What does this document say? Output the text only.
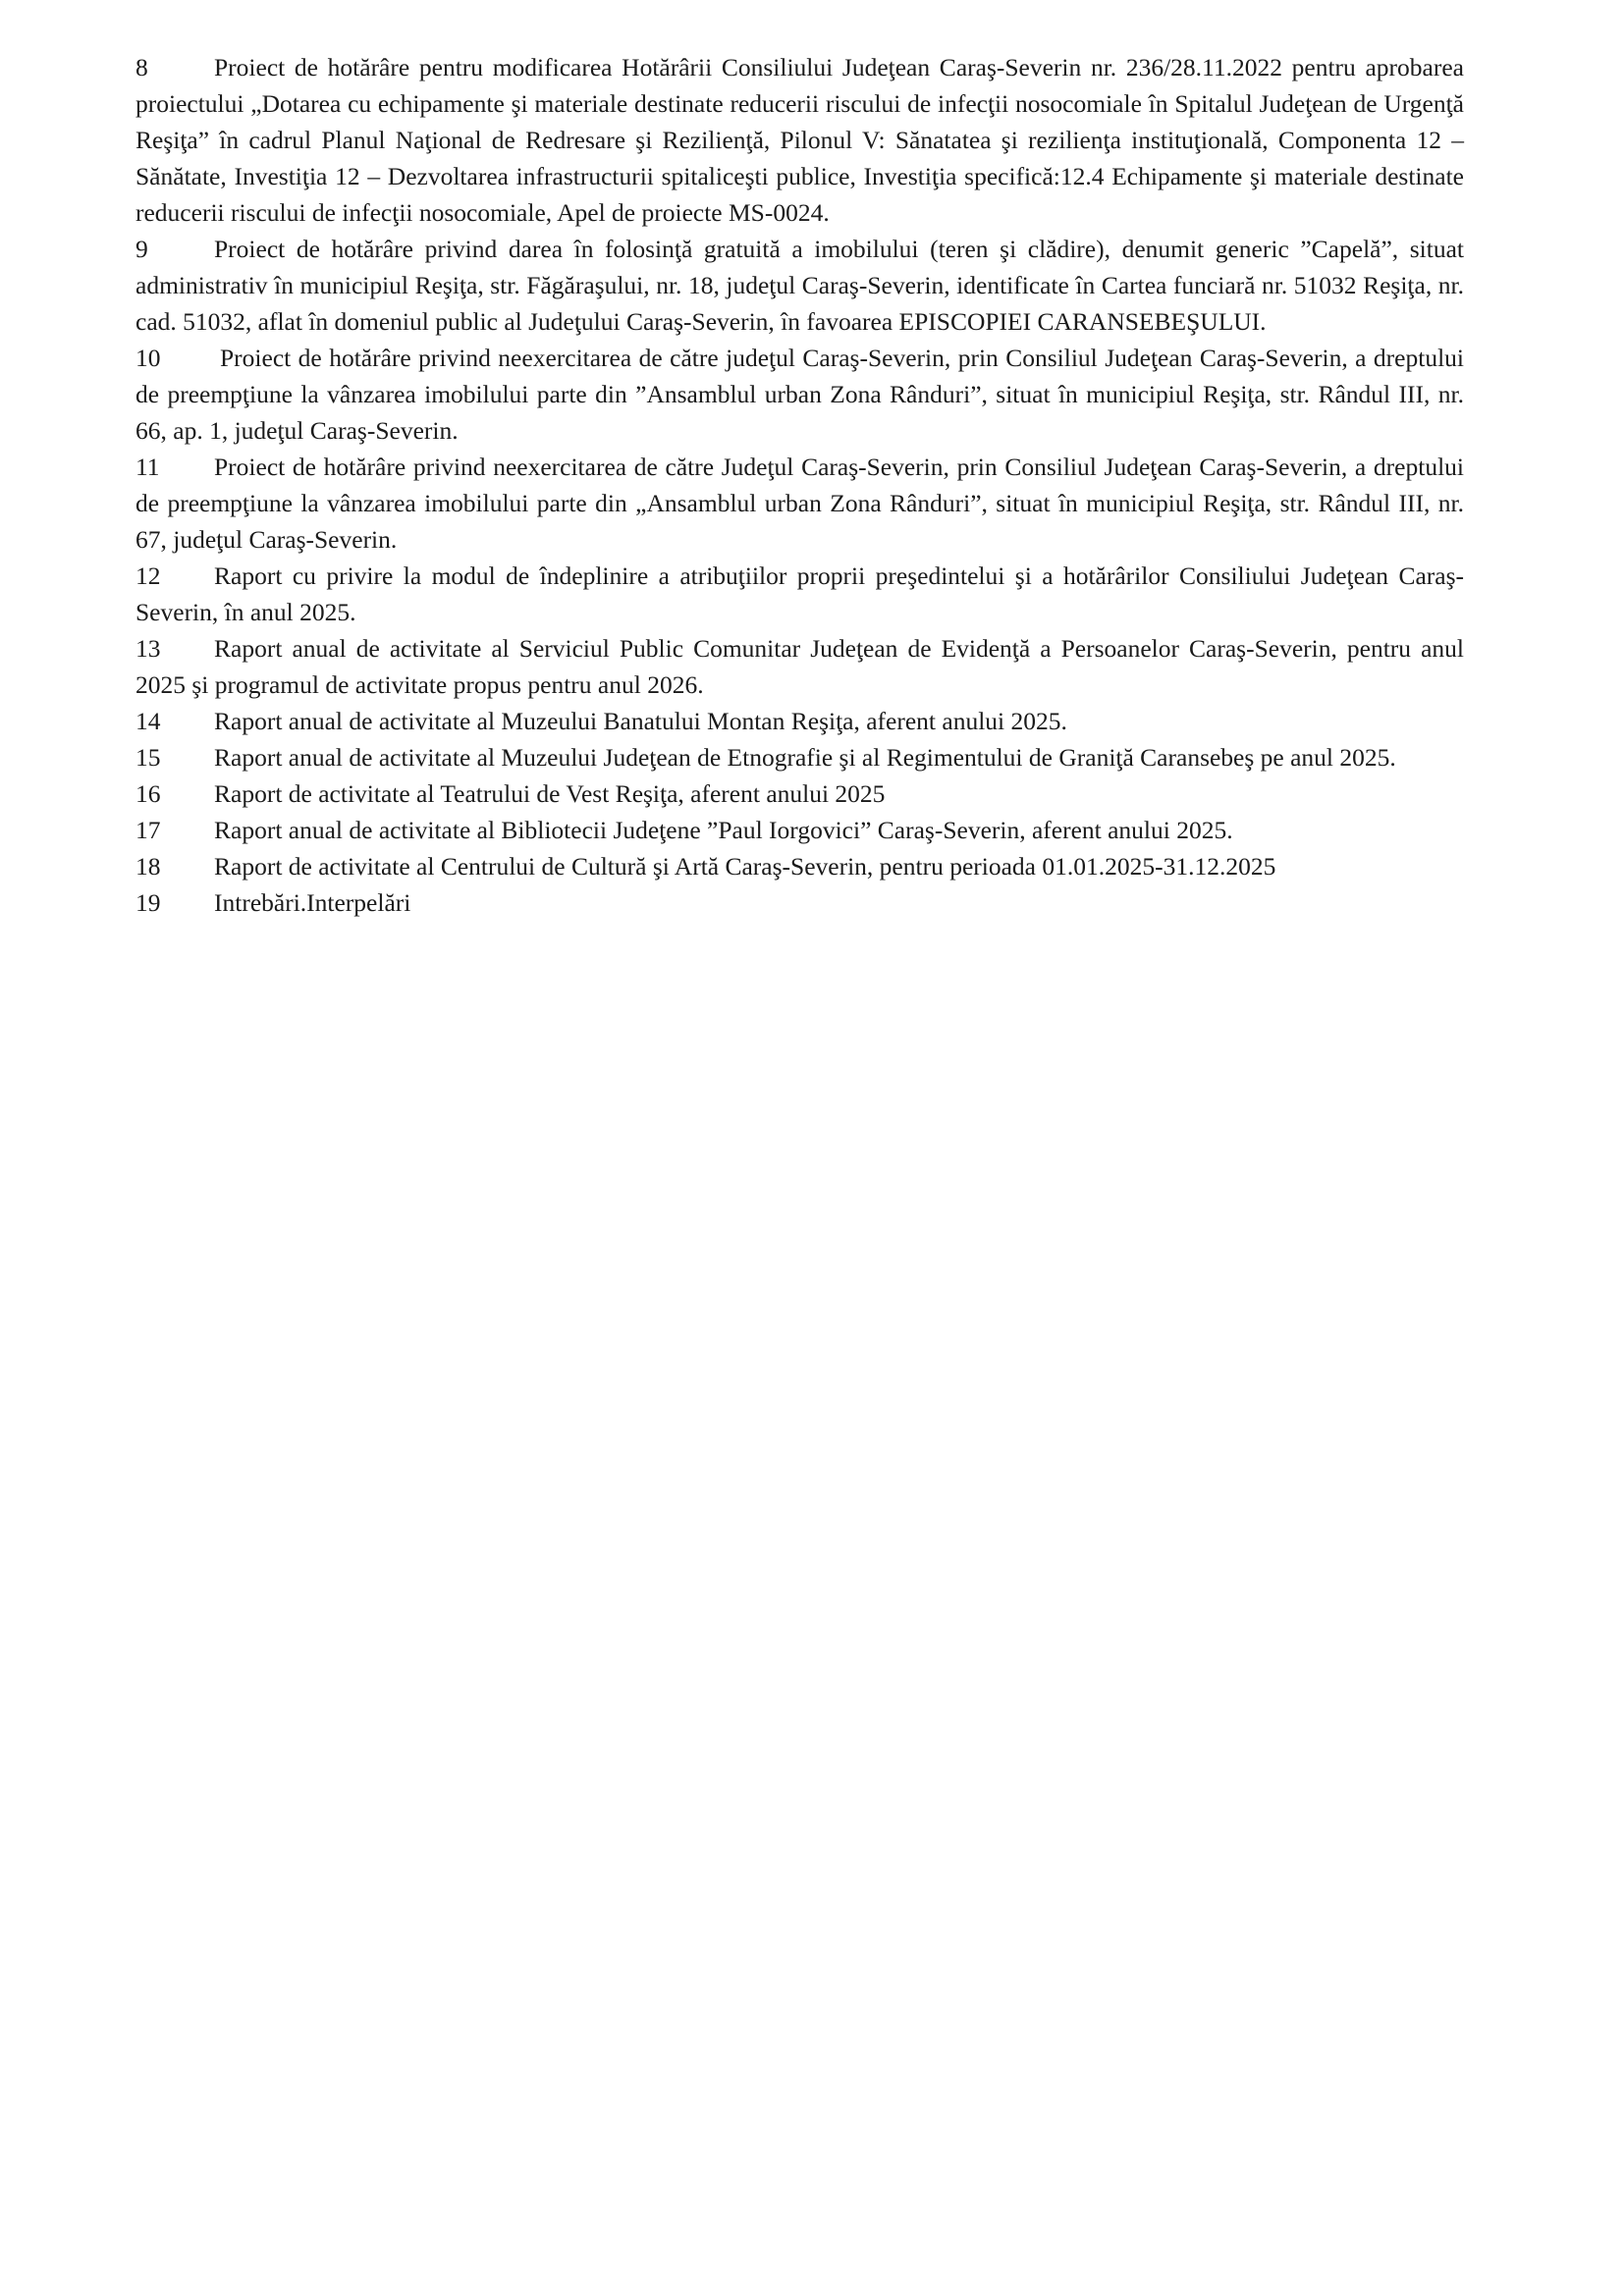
8	Proiect de hotărâre pentru modificarea Hotărârii Consiliului Judeţean Caraş-Severin nr. 236/28.11.2022 pentru aprobarea proiectului „Dotarea cu echipamente şi materiale destinate reducerii riscului de infecţii nosocomiale în Spitalul Judeţean de Urgenţă Reşiţa” în cadrul Planul Naţional de Redresare şi Rezilienţă, Pilonul V: Sănatatea şi rezilienţa instituţională, Componenta 12 – Sănătate, Investiţia 12 – Dezvoltarea infrastructurii spitaliceşti publice, Investiţia specifică:12.4 Echipamente şi materiale destinate reducerii riscului de infecţii nosocomiale, Apel de proiecte MS-0024.

9	Proiect de hotărâre privind darea în folosinţă gratuită a imobilului (teren şi clădire), denumit generic ”Capelă”, situat administrativ în municipiul Reşiţa, str. Făgăraşului, nr. 18, judeţul Caraş-Severin, identificate în Cartea funciară nr. 51032 Reşiţa, nr. cad. 51032, aflat în domeniul public al Judeţului Caraş-Severin, în favoarea EPISCOPIEI CARANSEBEŞULUI.

10 Proiect de hotărâre privind neexercitarea de către judeţul Caraş-Severin, prin Consiliul Judeţean Caraş-Severin, a dreptului de preempţiune la vânzarea imobilului parte din ”Ansamblul urban Zona Rânduri”, situat în municipiul Reşiţa, str. Rândul III, nr. 66, ap. 1, judeţul Caraş-Severin.

11 Proiect de hotărâre privind neexercitarea de către Judeţul Caraş-Severin, prin Consiliul Judeţean Caraş-Severin, a dreptului de preempţiune la vânzarea imobilului parte din „Ansamblul urban Zona Rânduri”, situat în municipiul Reşiţa, str. Rândul III, nr. 67, judeţul Caraş-Severin.

12 Raport cu privire la modul de îndeplinire a atribuţiilor proprii preşedintelui şi a hotărârilor Consiliului Judeţean Caraş-Severin, în anul 2025.

13 Raport anual de activitate al Serviciul Public Comunitar Judeţean de Evidenţă a Persoanelor Caraş-Severin, pentru anul 2025 şi programul de activitate propus pentru anul 2026.

14 Raport anual de activitate al Muzeului Banatului Montan Reşiţa, aferent anului 2025.

15 Raport anual de activitate al Muzeului Judeţean de Etnografie şi al Regimentului de Graniţă Caransebeş pe anul 2025.

16 Raport de activitate al Teatrului de Vest Reşiţa, aferent anului 2025

17 Raport anual de activitate al Bibliotecii Judeţene ”Paul Iorgovici” Caraş-Severin, aferent anului 2025.

18 Raport de activitate al Centrului de Cultură şi Artă Caraş-Severin, pentru perioada 01.01.2025-31.12.2025

19 Intrebări.Interpelări
